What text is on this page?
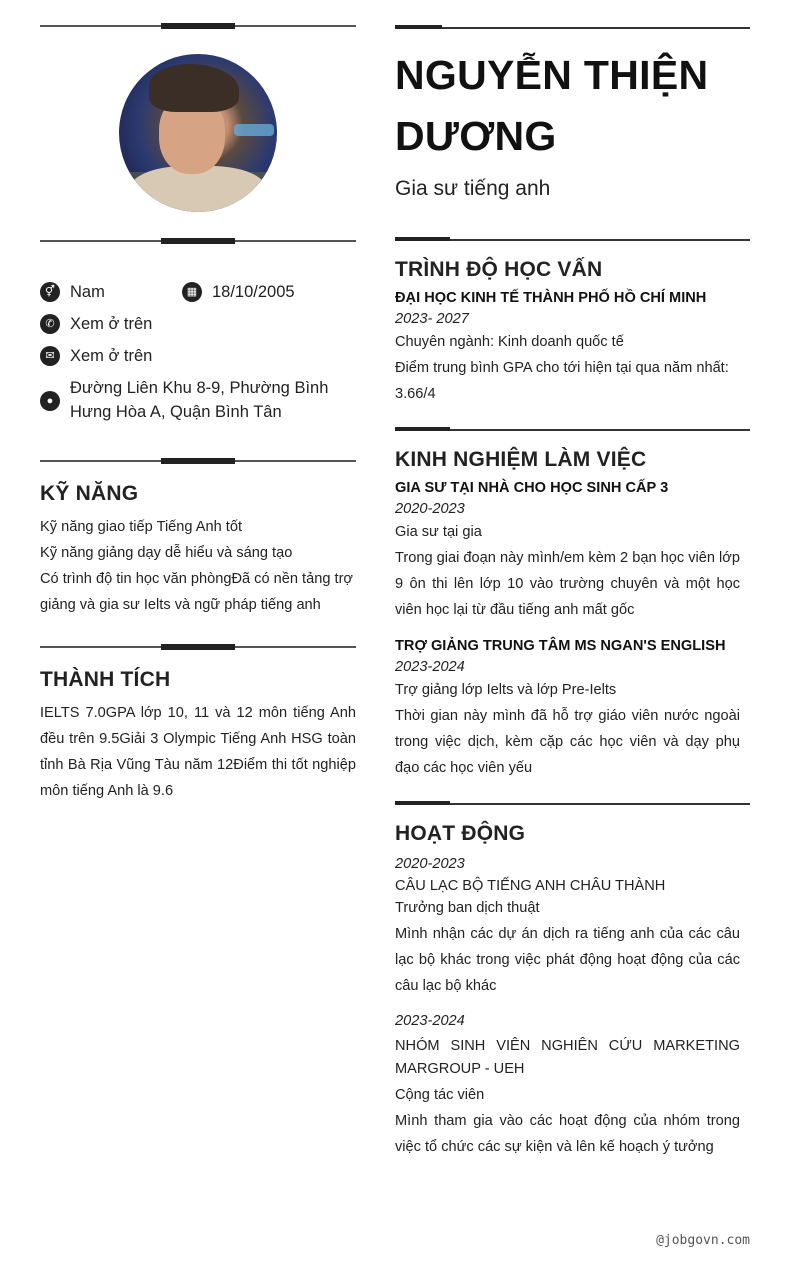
⚥ Nam	▦ 18/10/2005
✆ Xem ở trên
✉ Xem ở trên
●
Đường Liên Khu 8-9, Phường Bình Hưng Hòa A, Quận Bình Tân
KỸ NĂNG
Kỹ năng giao tiếp Tiếng Anh tốt
Kỹ năng giảng dạy dễ hiểu và sáng tạo
Có trình độ tin học văn phòngĐã có nền tảng trợ giảng và gia sư Ielts và ngữ pháp tiếng anh
THÀNH TÍCH
IELTS 7.0GPA lớp 10, 11 và 12 môn tiếng Anh đều trên 9.5Giải 3 Olympic Tiếng Anh HSG toàn tỉnh Bà Rịa Vũng Tàu năm 12Điểm thi tốt nghiệp môn tiếng Anh là 9.6
NGUYỄN THIỆN DƯƠNG
Gia sư tiếng anh
TRÌNH ĐỘ HỌC VẤN
ĐẠI HỌC KINH TẾ THÀNH PHỐ HỒ CHÍ MINH
2023- 2027
Chuyên ngành: Kinh doanh quốc tế
Điểm trung bình GPA cho tới hiện tại qua năm nhất: 3.66/4
KINH NGHIỆM LÀM VIỆC
GIA SƯ TẠI NHÀ CHO HỌC SINH CẤP 3
2020-2023
Gia sư tại gia
Trong giai đoạn này mình/em kèm 2 bạn học viên lớp 9 ôn thi lên lớp 10 vào trường chuyên và một học viên học lại từ đầu tiếng anh mất gốc
TRỢ GIẢNG TRUNG TÂM MS NGAN'S ENGLISH
2023-2024
Trợ giảng lớp Ielts và lớp Pre-Ielts
Thời gian này mình đã hỗ trợ giáo viên nước ngoài trong việc dịch, kèm cặp các học viên và dạy phụ đạo các học viên yếu
HOẠT ĐỘNG
2020-2023
CÂU LẠC BỘ TIẾNG ANH CHÂU THÀNH
Trưởng ban dịch thuật
Mình nhận các dự án dịch ra tiếng anh của các câu lạc bộ khác trong việc phát động hoạt động của các câu lạc bộ khác
2023-2024
NHÓM SINH VIÊN NGHIÊN CỨU MARKETING MARGROUP - UEH
Cộng tác viên
Mình tham gia vào các hoạt động của nhóm trong việc tổ chức các sự kiện và lên kế hoạch ý tưởng
@jobgovn.com
